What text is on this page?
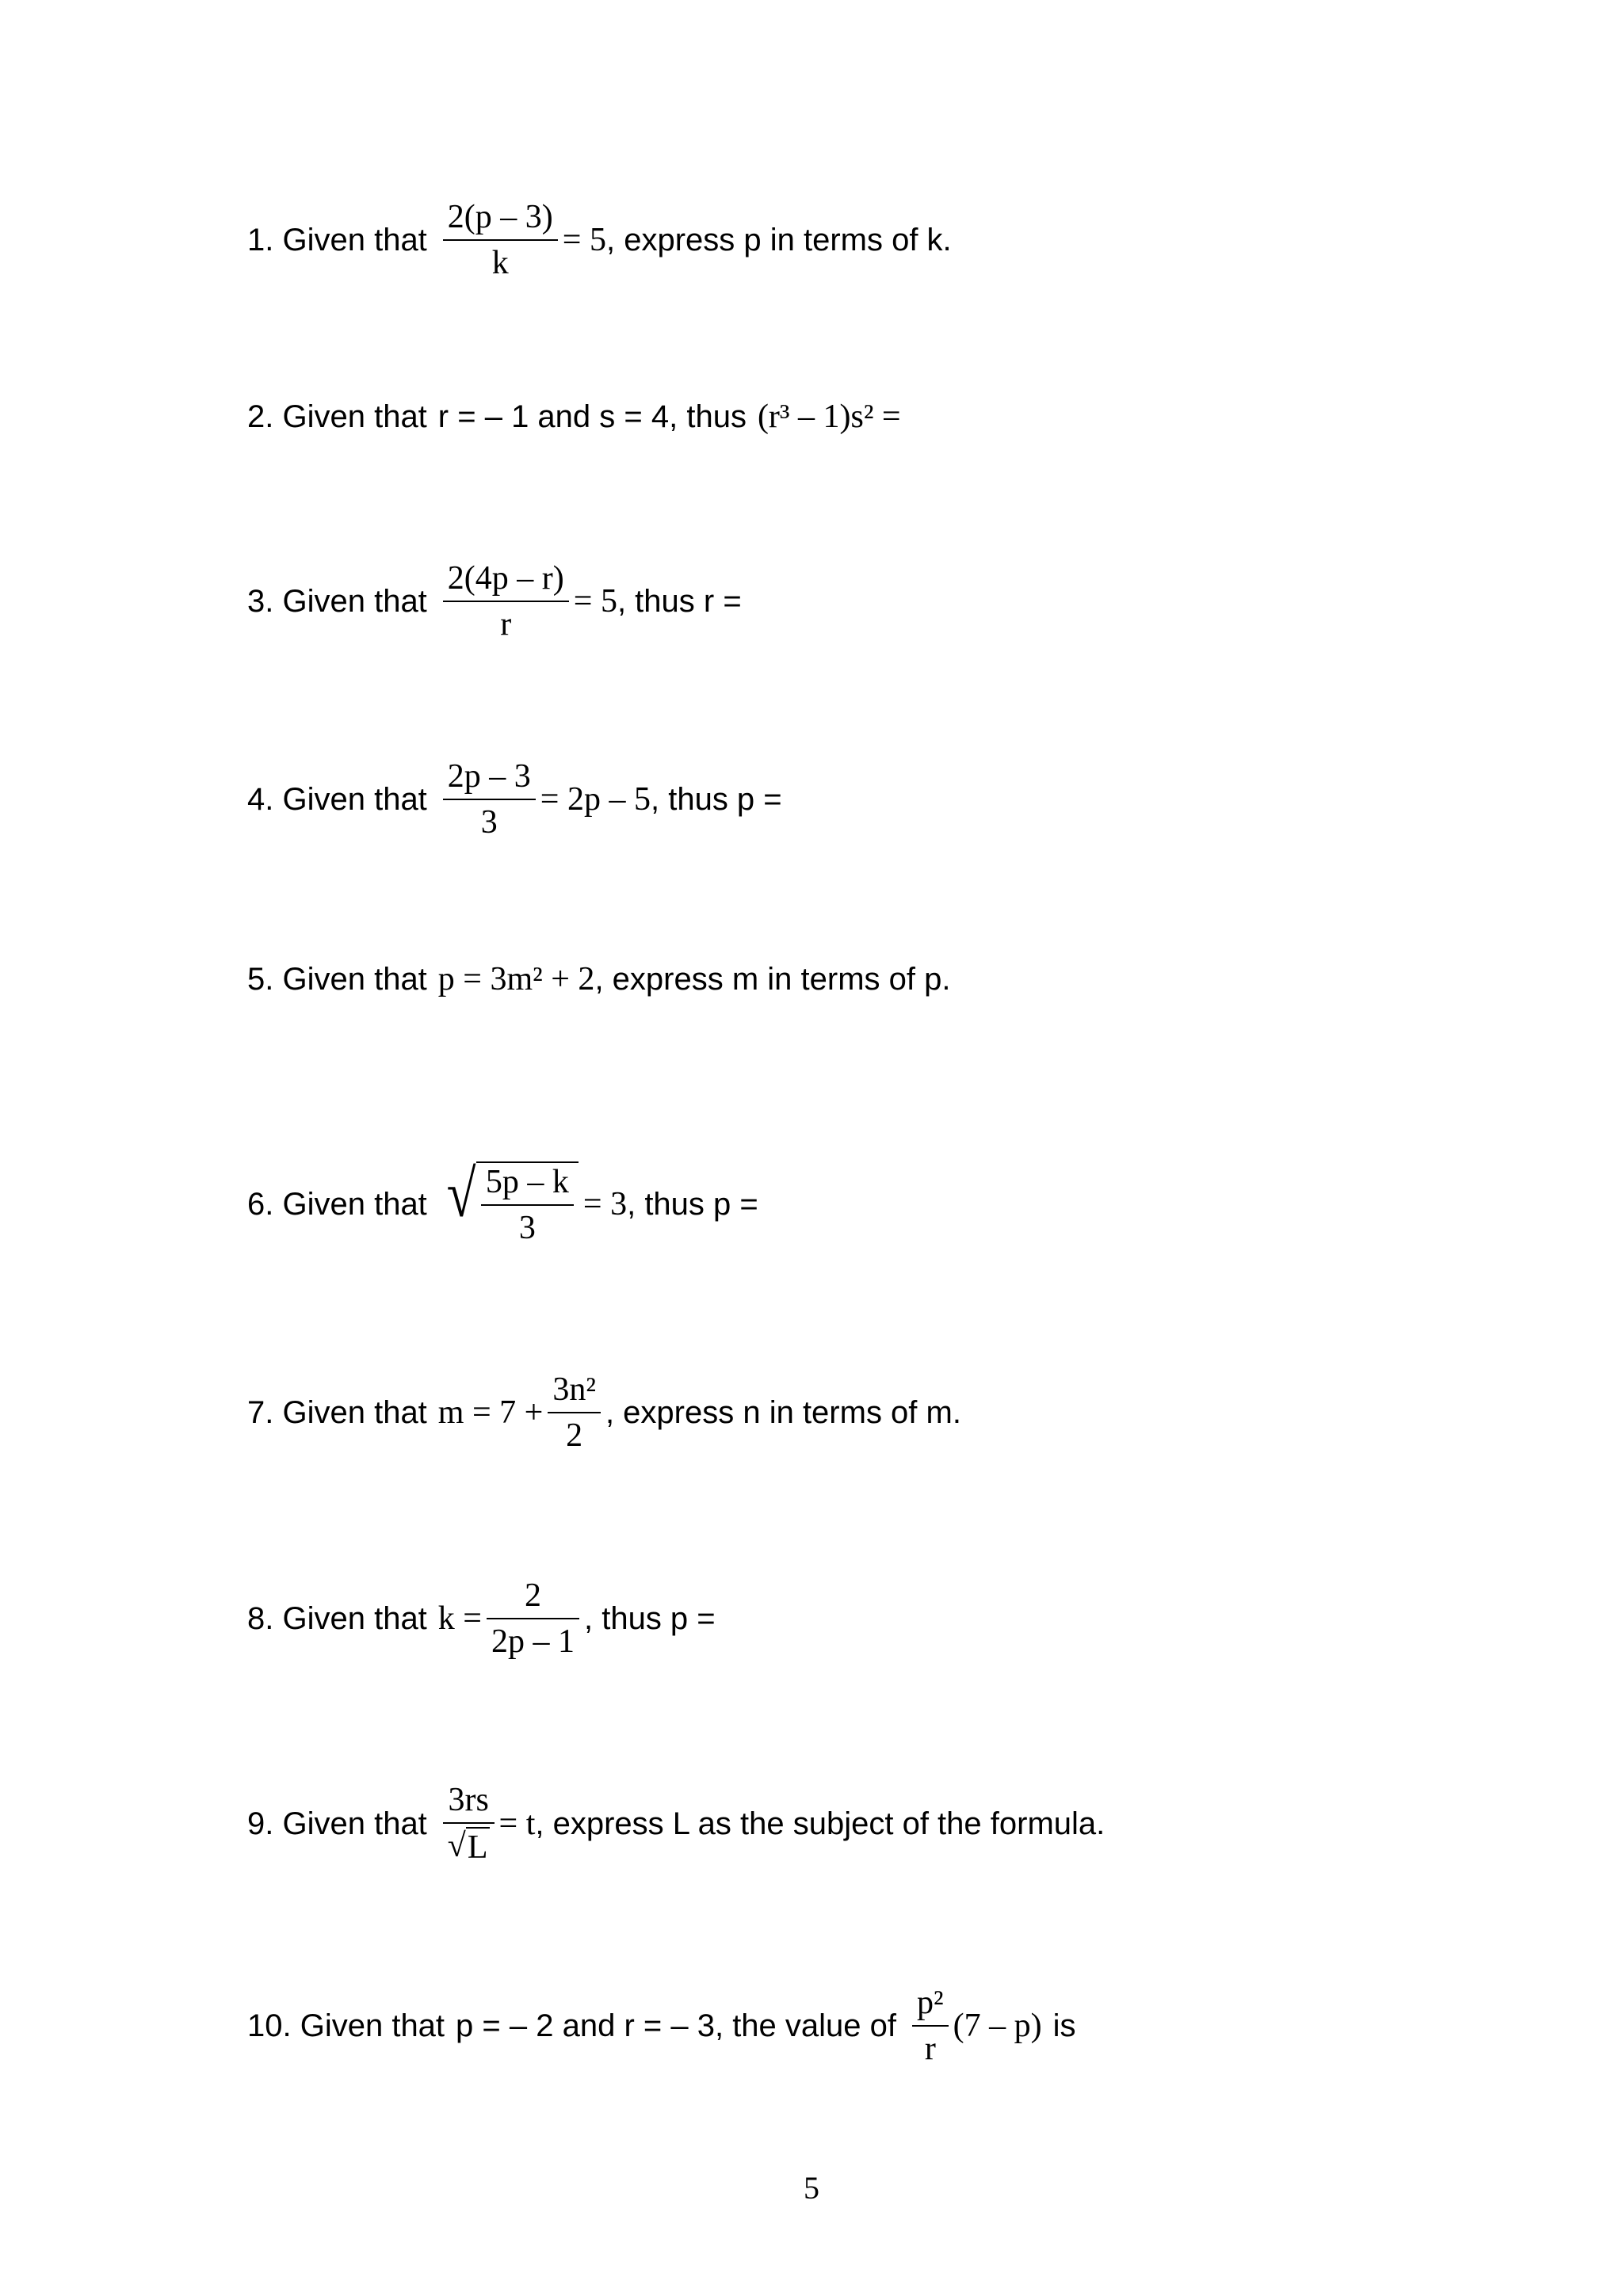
1. Given that $\frac{2(p - 3)}{k} = 5$ , express p in terms of k.
2. Given that r = – 1 and s = 4, thus (r³ – 1)s² =
3. Given that $\frac{2(4p - r)}{r} = 5$ , thus r =
4. Given that $\frac{2p - 3}{3} = 2p - 5$ , thus p =
5. Given that p = 3m² + 2 , express m in terms of p.
6. Given that √ $\frac{5p - k}{3} = 3$ , thus p =
7. Given that $m = 7 + \frac{\text{3n²}}{2}$ , express n in terms of m.
8. Given that $k = \frac{2}{2p - 1}$ , thus p =
9. Given that $\frac{3rs}{√ L} = t$ , express L as the subject of the formula.
10. Given that p = – 2 and r = – 3, the value of $\frac{\text{p²}}{r} (7 - p)$ is
5
